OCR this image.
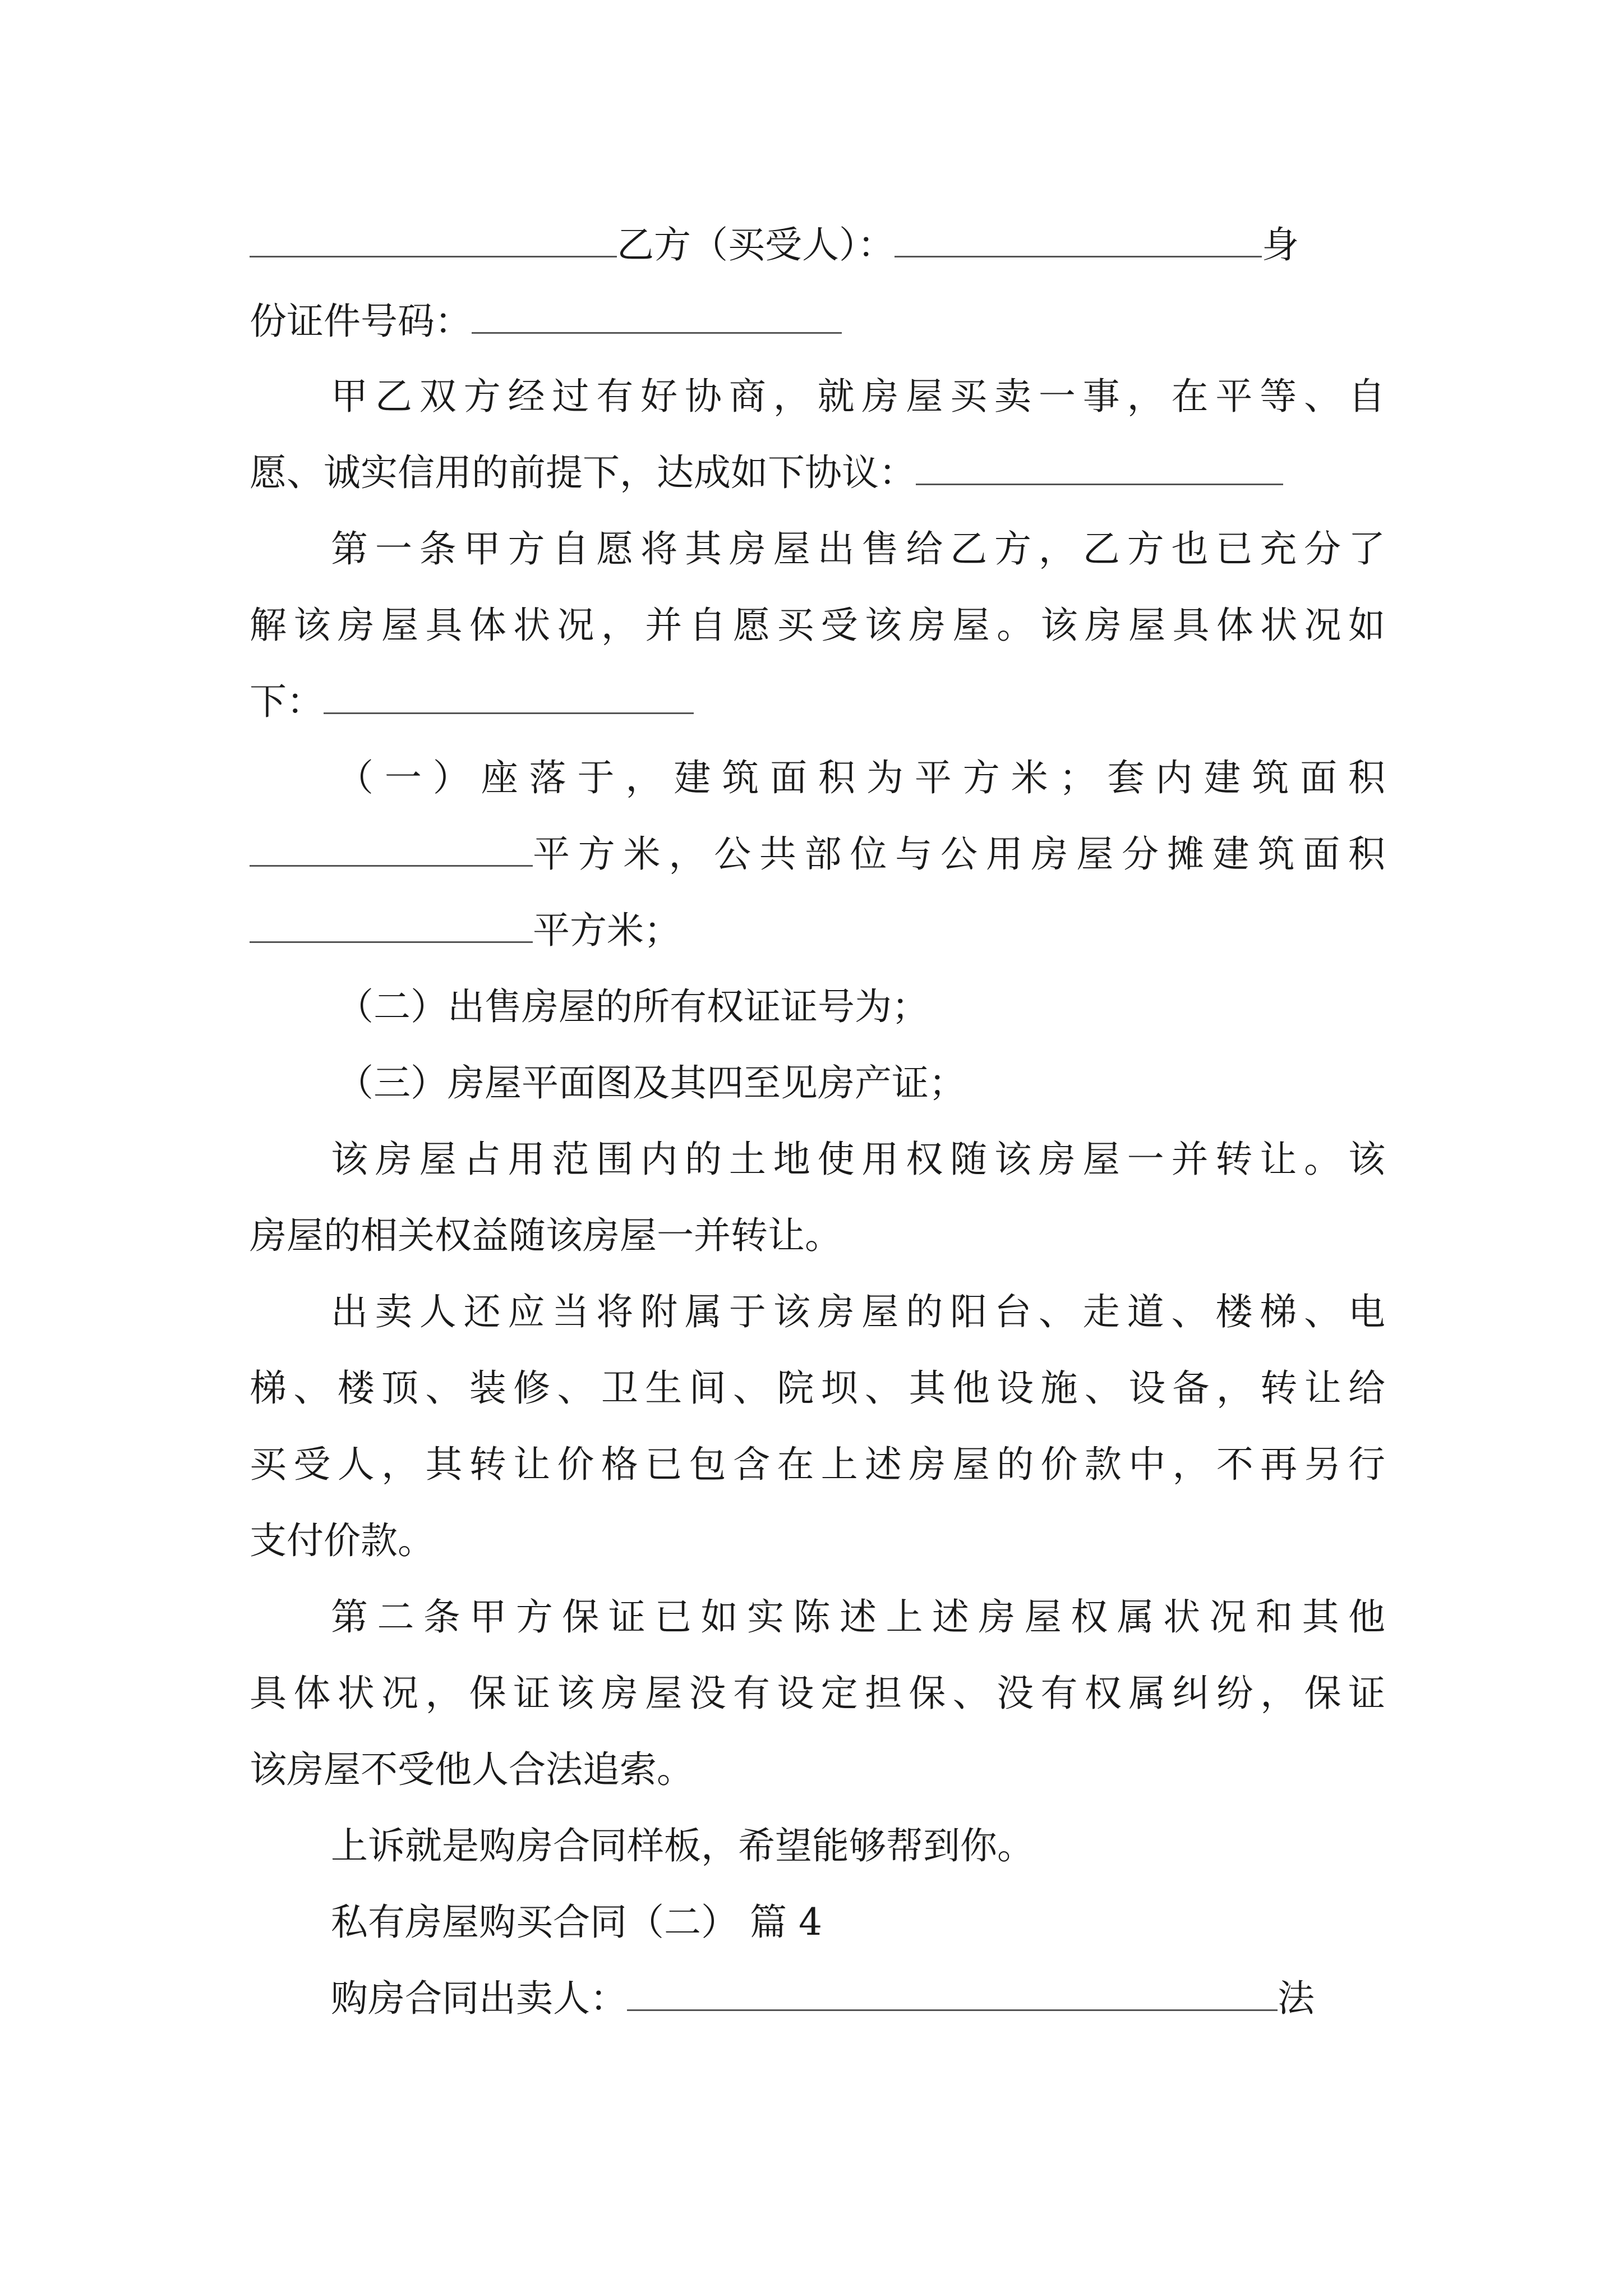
乙方（买受人）：	身
份证件号码：
甲乙双方经过有好协商，就房屋买卖一事，在平等、自
愿、诚实信用的前提下，达成如下协议：
第一条甲方自愿将其房屋出售给乙方，乙方也已充分了
解该房屋具体状况，并自愿买受该房屋。该房屋具体状况如
下：
（一）座落于，建筑面积为平方米；套内建筑面积
平方米，公共部位与公用房屋分摊建筑面积
平方米；
（二）出售房屋的所有权证证号为；
（三）房屋平面图及其四至见房产证；
该房屋占用范围内的土地使用权随该房屋一并转让。该
房屋的相关权益随该房屋一并转让。
出卖人还应当将附属于该房屋的阳台、走道、楼梯、电
梯、楼顶、装修、卫生间、院坝、其他设施、设备，转让给
买受人，其转让价格已包含在上述房屋的价款中，不再另行
支付价款。
第二条甲方保证已如实陈述上述房屋权属状况和其他
具体状况，保证该房屋没有设定担保、没有权属纠纷，保证
该房屋不受他人合法追索。
上诉就是购房合同样板，希望能够帮到你。
私有房屋购买合同（二） 篇 4
购房合同出卖人：	法
